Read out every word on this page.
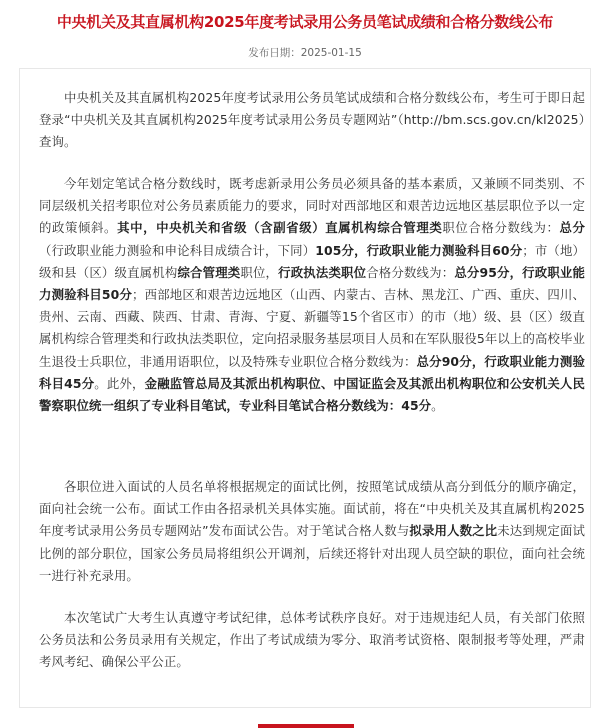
中央机关及其直属机构2025年度考试录用公务员笔试成绩和合格分数线公布
发布日期：2025-01-15

中央机关及其直属机构2025年度考试录用公务员笔试成绩和合格分数线公布，考生可于即日起登录“中央机关及其直属机构2025年度考试录用公务员专题网站”（http://bm.scs.gov.cn/kl2025）查询。

今年划定笔试合格分数线时，既考虑新录用公务员必须具备的基本素质，又兼顾不同类别、不同层级机关招考职位对公务员素质能力的要求，同时对西部地区和艰苦边远地区基层职位予以一定的政策倾斜。其中，中央机关和省级（含副省级）直属机构综合管理类职位合格分数线为：总分（行政职业能力测验和申论科目成绩合计，下同）105分，行政职业能力测验科目60分；市（地）级和县（区）级直属机构综合管理类职位，行政执法类职位合格分数线为：总分95分，行政职业能力测验科目50分；西部地区和艰苦边远地区（山西、内蒙古、吉林、黑龙江、广西、重庆、四川、贵州、云南、西藏、陕西、甘肃、青海、宁夏、新疆等15个省区市）的市（地）级、县（区）级直属机构综合管理类和行政执法类职位，定向招录服务基层项目人员和在军队服役5年以上的高校毕业生退役士兵职位，非通用语职位，以及特殊专业职位合格分数线为：总分90分，行政职业能力测验科目45分。此外，金融监管总局及其派出机构职位、中国证监会及其派出机构职位和公安机关人民警察职位统一组织了专业科目笔试，专业科目笔试合格分数线为：45分。

各职位进入面试的人员名单将根据规定的面试比例，按照笔试成绩从高分到低分的顺序确定，面向社会统一公布。面试工作由各招录机关具体实施。面试前，将在“中央机关及其直属机构2025年度考试录用公务员专题网站”发布面试公告。对于笔试合格人数与拟录用人数之比未达到规定面试比例的部分职位，国家公务员局将组织公开调剂，后续还将针对出现人员空缺的职位，面向社会统一进行补充录用。

本次笔试广大考生认真遵守考试纪律，总体考试秩序良好。对于违规违纪人员，有关部门依照公务员法和公务员录用有关规定，作出了考试成绩为零分、取消考试资格、限制报考等处理，严肃考风考纪、确保公平公正。
